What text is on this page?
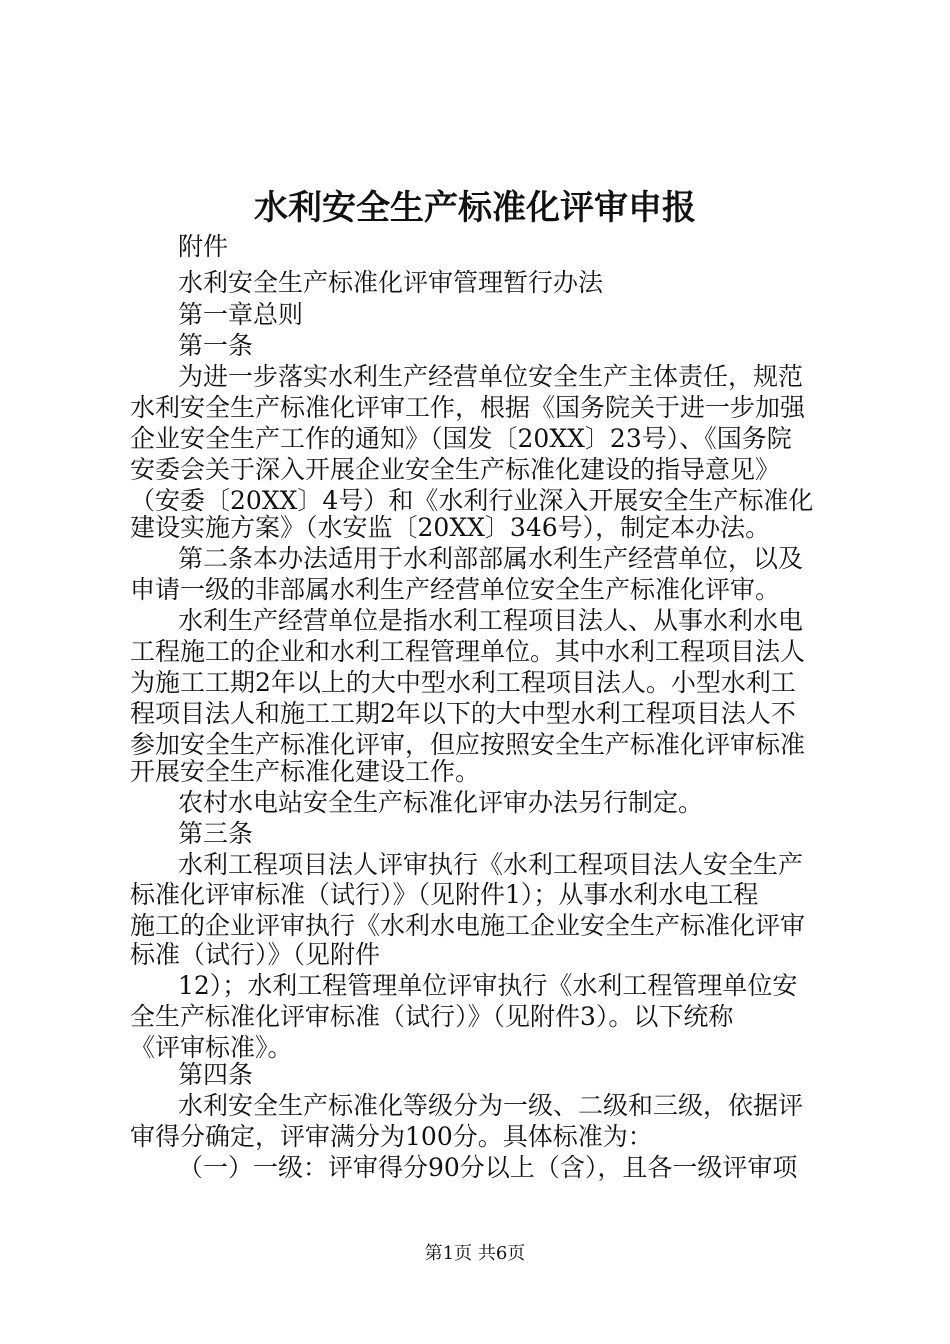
水利安全生产标准化评审申报
附件
水利安全生产标准化评审管理暂行办法
第一章总则
第一条
为进一步落实水利生产经营单位安全生产主体责任，规范
水利安全生产标准化评审工作，根据《国务院关于进一步加强
企业安全生产工作的通知》（国发〔20XX〕23号）、《国务院
安委会关于深入开展企业安全生产标准化建设的指导意见》
（安委〔20XX〕4号）和《水利行业深入开展安全生产标准化
建设实施方案》（水安监〔20XX〕346号），制定本办法。
第二条本办法适用于水利部部属水利生产经营单位，以及
申请一级的非部属水利生产经营单位安全生产标准化评审。
水利生产经营单位是指水利工程项目法人、从事水利水电
工程施工的企业和水利工程管理单位。其中水利工程项目法人
为施工工期2年以上的大中型水利工程项目法人。小型水利工
程项目法人和施工工期2年以下的大中型水利工程项目法人不
参加安全生产标准化评审，但应按照安全生产标准化评审标准
开展安全生产标准化建设工作。
农村水电站安全生产标准化评审办法另行制定。
第三条
水利工程项目法人评审执行《水利工程项目法人安全生产
标准化评审标准（试行）》（见附件1）；从事水利水电工程
施工的企业评审执行《水利水电施工企业安全生产标准化评审
标准（试行）》（见附件
12）；水利工程管理单位评审执行《水利工程管理单位安
全生产标准化评审标准（试行）》（见附件3）。以下统称
《评审标准》。
第四条
水利安全生产标准化等级分为一级、二级和三级，依据评
审得分确定，评审满分为100分。具体标准为：
（一）一级：评审得分90分以上（含），且各一级评审项
第1页 共6页
